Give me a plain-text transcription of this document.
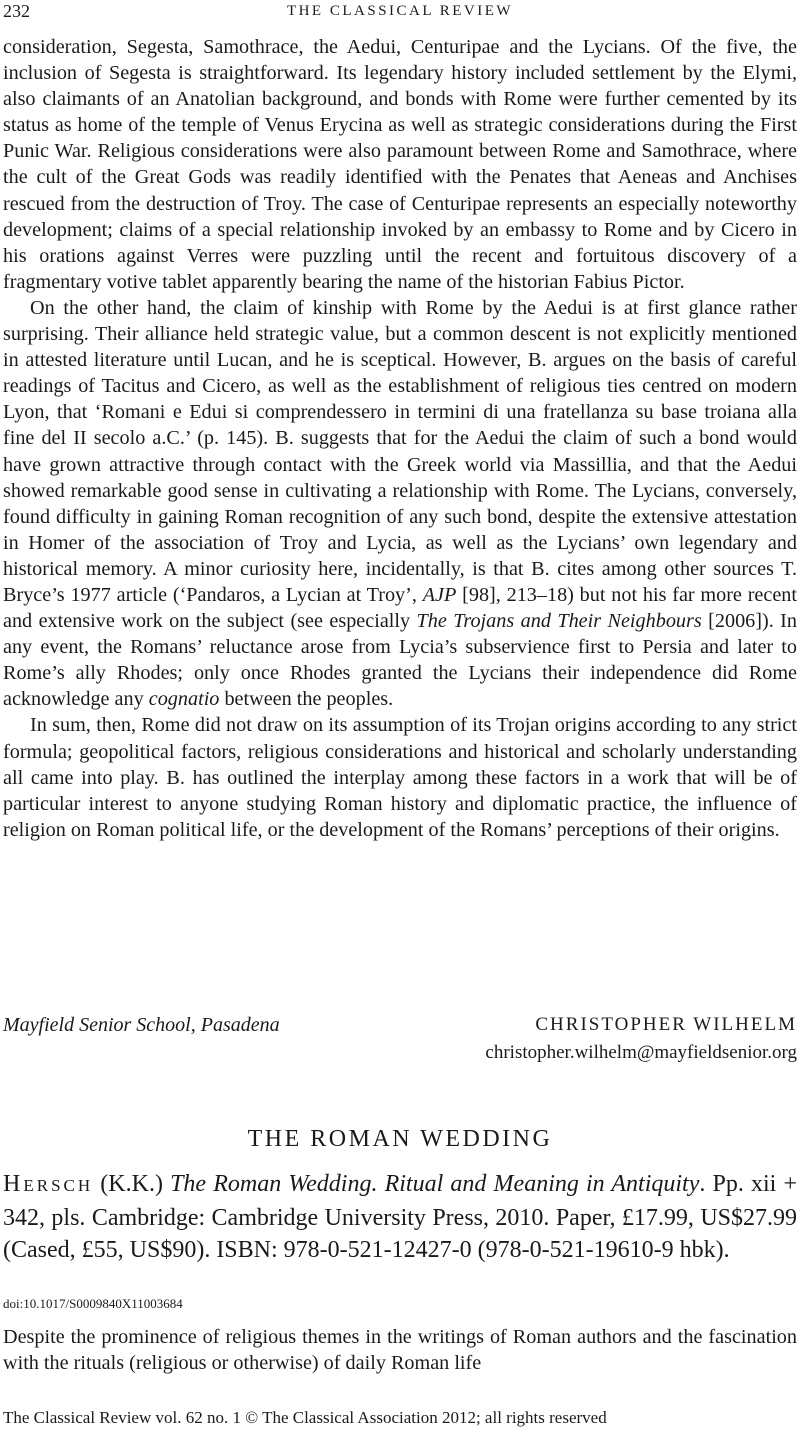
232	THE CLASSICAL REVIEW

consideration, Segesta, Samothrace, the Aedui, Centuripae and the Lycians. Of the five, the inclusion of Segesta is straightforward. Its legendary history included settlement by the Elymi, also claimants of an Anatolian background, and bonds with Rome were further cemented by its status as home of the temple of Venus Erycina as well as strategic considerations during the First Punic War. Religious considerations were also paramount between Rome and Samothrace, where the cult of the Great Gods was readily identified with the Penates that Aeneas and Anchises rescued from the destruction of Troy. The case of Centuripae represents an especially noteworthy development; claims of a special relationship invoked by an embassy to Rome and by Cicero in his orations against Verres were puzzling until the recent and fortuitous discovery of a fragmentary votive tablet apparently bearing the name of the historian Fabius Pictor.

On the other hand, the claim of kinship with Rome by the Aedui is at first glance rather surprising. Their alliance held strategic value, but a common descent is not explicitly mentioned in attested literature until Lucan, and he is sceptical. However, B. argues on the basis of careful readings of Tacitus and Cicero, as well as the establishment of religious ties centred on modern Lyon, that ‘Romani e Edui si comprendessero in termini di una fratellanza su base troiana alla fine del II secolo a.C.’ (p. 145). B. suggests that for the Aedui the claim of such a bond would have grown attractive through contact with the Greek world via Massillia, and that the Aedui showed remarkable good sense in cultivating a relationship with Rome. The Lycians, conversely, found difficulty in gaining Roman recognition of any such bond, despite the extensive attestation in Homer of the association of Troy and Lycia, as well as the Lycians’ own legendary and historical memory. A minor curiosity here, incidentally, is that B. cites among other sources T. Bryce’s 1977 article (‘Pandaros, a Lycian at Troy’, AJP [98], 213–18) but not his far more recent and extensive work on the subject (see especially The Trojans and Their Neighbours [2006]). In any event, the Romans’ reluctance arose from Lycia’s subservience first to Persia and later to Rome’s ally Rhodes; only once Rhodes granted the Lycians their independence did Rome acknowledge any cognatio between the peoples.

In sum, then, Rome did not draw on its assumption of its Trojan origins according to any strict formula; geopolitical factors, religious considerations and historical and scholarly understanding all came into play. B. has outlined the interplay among these factors in a work that will be of particular interest to anyone studying Roman history and diplomatic practice, the influence of religion on Roman political life, or the development of the Romans’ perceptions of their origins.

Mayfield Senior School, Pasadena	CHRISTOPHER WILHELM
christopher.wilhelm@mayfieldsenior.org
THE ROMAN WEDDING
HERSCH (K.K.) The Roman Wedding. Ritual and Meaning in Antiquity. Pp. xii + 342, pls. Cambridge: Cambridge University Press, 2010. Paper, £17.99, US$27.99 (Cased, £55, US$90). ISBN: 978-0-521-12427-0 (978-0-521-19610-9 hbk).
doi:10.1017/S0009840X11003684

Despite the prominence of religious themes in the writings of Roman authors and the fascination with the rituals (religious or otherwise) of daily Roman life

The Classical Review vol. 62 no. 1 © The Classical Association 2012; all rights reserved
